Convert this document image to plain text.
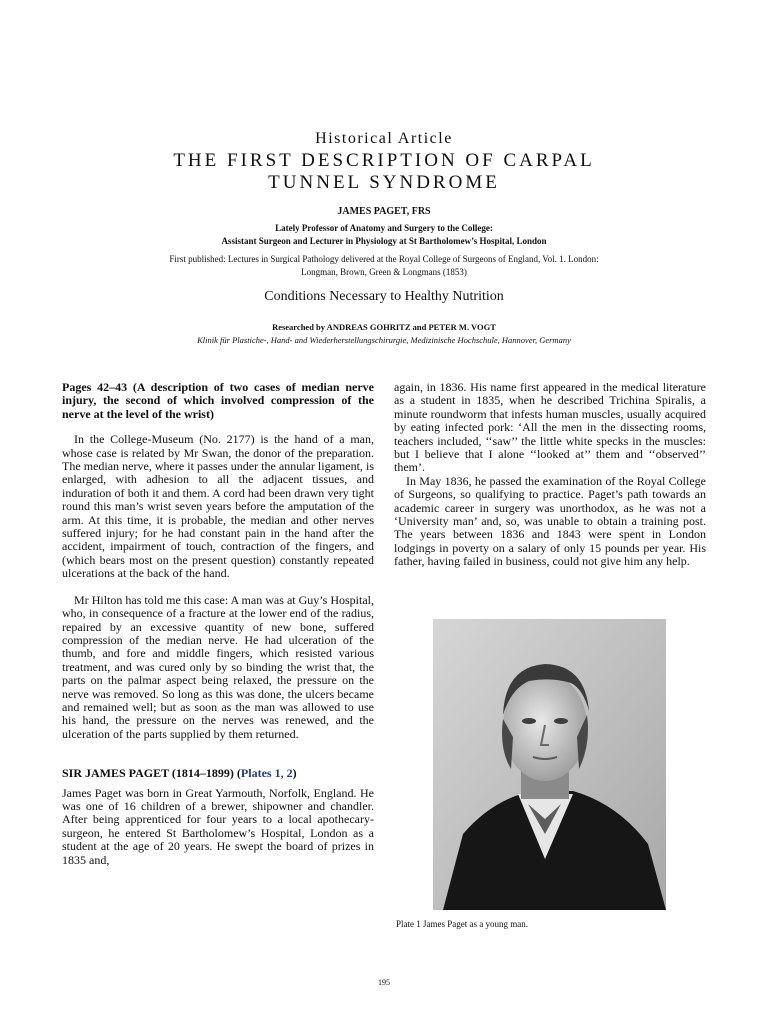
Historical Article
THE FIRST DESCRIPTION OF CARPAL
TUNNEL SYNDROME
JAMES PAGET, FRS
Lately Professor of Anatomy and Surgery to the College:
Assistant Surgeon and Lecturer in Physiology at St Bartholomew’s Hospital, London
First published: Lectures in Surgical Pathology delivered at the Royal College of Surgeons of England, Vol. 1. London:
Longman, Brown, Green & Longmans (1853)
Conditions Necessary to Healthy Nutrition
Researched by ANDREAS GOHRITZ and PETER M. VOGT
Klinik für Plastiche-, Hand- and Wiederherstellungschirurgie, Medizinische Hochschule, Hannover, Germany

Pages 42–43 (A description of two cases of median nerve injury, the second of which involved compression of the nerve at the level of the wrist)

In the College-Museum (No. 2177) is the hand of a man, whose case is related by Mr Swan, the donor of the preparation. The median nerve, where it passes under the annular ligament, is enlarged, with adhesion to all the adjacent tissues, and induration of both it and them. A cord had been drawn very tight round this man’s wrist seven years before the amputation of the arm. At this time, it is probable, the median and other nerves suffered injury; for he had constant pain in the hand after the accident, impairment of touch, contraction of the fingers, and (which bears most on the present question) constantly repeated ulcerations at the back of the hand.

Mr Hilton has told me this case: A man was at Guy’s Hospital, who, in consequence of a fracture at the lower end of the radius, repaired by an excessive quantity of new bone, suffered compression of the median nerve. He had ulceration of the thumb, and fore and middle fingers, which resisted various treatment, and was cured only by so binding the wrist that, the parts on the palmar aspect being relaxed, the pressure on the nerve was removed. So long as this was done, the ulcers became and remained well; but as soon as the man was allowed to use his hand, the pressure on the nerves was renewed, and the ulceration of the parts supplied by them returned.

SIR JAMES PAGET (1814–1899) (Plates 1, 2)

James Paget was born in Great Yarmouth, Norfolk, England. He was one of 16 children of a brewer, shipowner and chandler. After being apprenticed for four years to a local apothecary-surgeon, he entered St Bartholomew’s Hospital, London as a student at the age of 20 years. He swept the board of prizes in 1835 and,

again, in 1836. His name first appeared in the medical literature as a student in 1835, when he described Trichina Spiralis, a minute roundworm that infests human muscles, usually acquired by eating infected pork: ‘All the men in the dissecting rooms, teachers included, ‘‘saw’’ the little white specks in the muscles: but I believe that I alone ‘‘looked at’’ them and ‘‘observed’’ them’.

In May 1836, he passed the examination of the Royal College of Surgeons, so qualifying to practice. Paget’s path towards an academic career in surgery was unorthodox, as he was not a ‘University man’ and, so, was unable to obtain a training post. The years between 1836 and 1843 were spent in London lodgings in poverty on a salary of only 15 pounds per year. His father, having failed in business, could not give him any help.

Plate 1 James Paget as a young man.
195
